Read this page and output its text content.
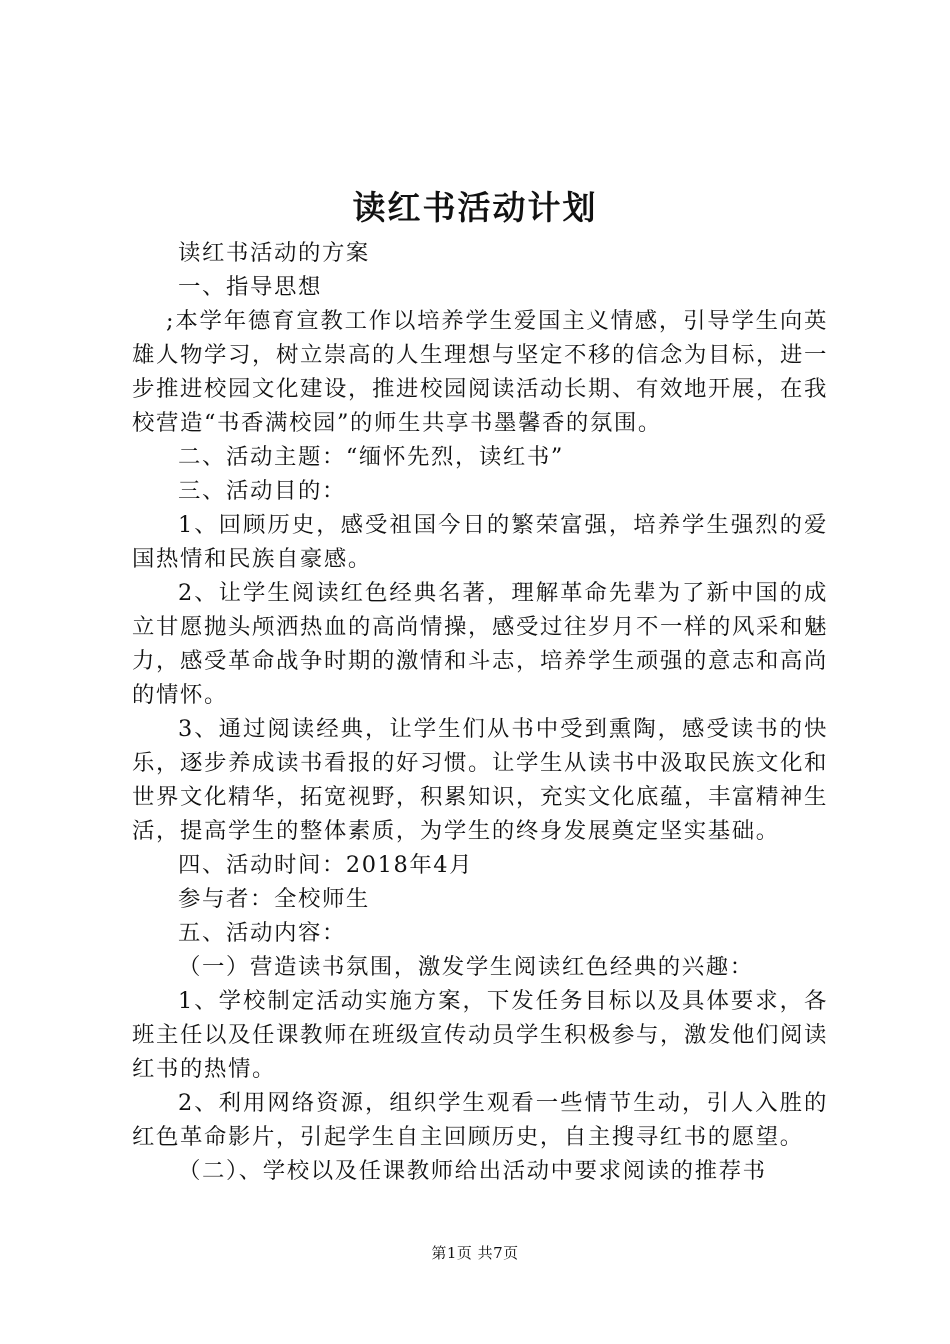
读红书活动计划

读红书活动的方案

一、指导思想

;本学年德育宣教工作以培养学生爱国主义情感，引导学生向英雄人物学习，树立崇高的人生理想与坚定不移的信念为目标，进一步推进校园文化建设，推进校园阅读活动长期、有效地开展，在我校营造“书香满校园”的师生共享书墨馨香的氛围。

二、活动主题：“缅怀先烈，读红书”

三、活动目的：

1、回顾历史，感受祖国今日的繁荣富强，培养学生强烈的爱国热情和民族自豪感。

2、让学生阅读红色经典名著，理解革命先辈为了新中国的成立甘愿抛头颅洒热血的高尚情操，感受过往岁月不一样的风采和魅力，感受革命战争时期的激情和斗志，培养学生顽强的意志和高尚的情怀。

3、通过阅读经典，让学生们从书中受到熏陶，感受读书的快乐，逐步养成读书看报的好习惯。让学生从读书中汲取民族文化和世界文化精华，拓宽视野，积累知识，充实文化底蕴，丰富精神生活，提高学生的整体素质，为学生的终身发展奠定坚实基础。

四、活动时间：2018年4月

参与者：全校师生

五、活动内容：

（一）营造读书氛围，激发学生阅读红色经典的兴趣：

1、学校制定活动实施方案，下发任务目标以及具体要求，各班主任以及任课教师在班级宣传动员学生积极参与，激发他们阅读红书的热情。

2、利用网络资源，组织学生观看一些情节生动，引人入胜的红色革命影片，引起学生自主回顾历史，自主搜寻红书的愿望。

（二）、学校以及任课教师给出活动中要求阅读的推荐书

第1页 共7页
